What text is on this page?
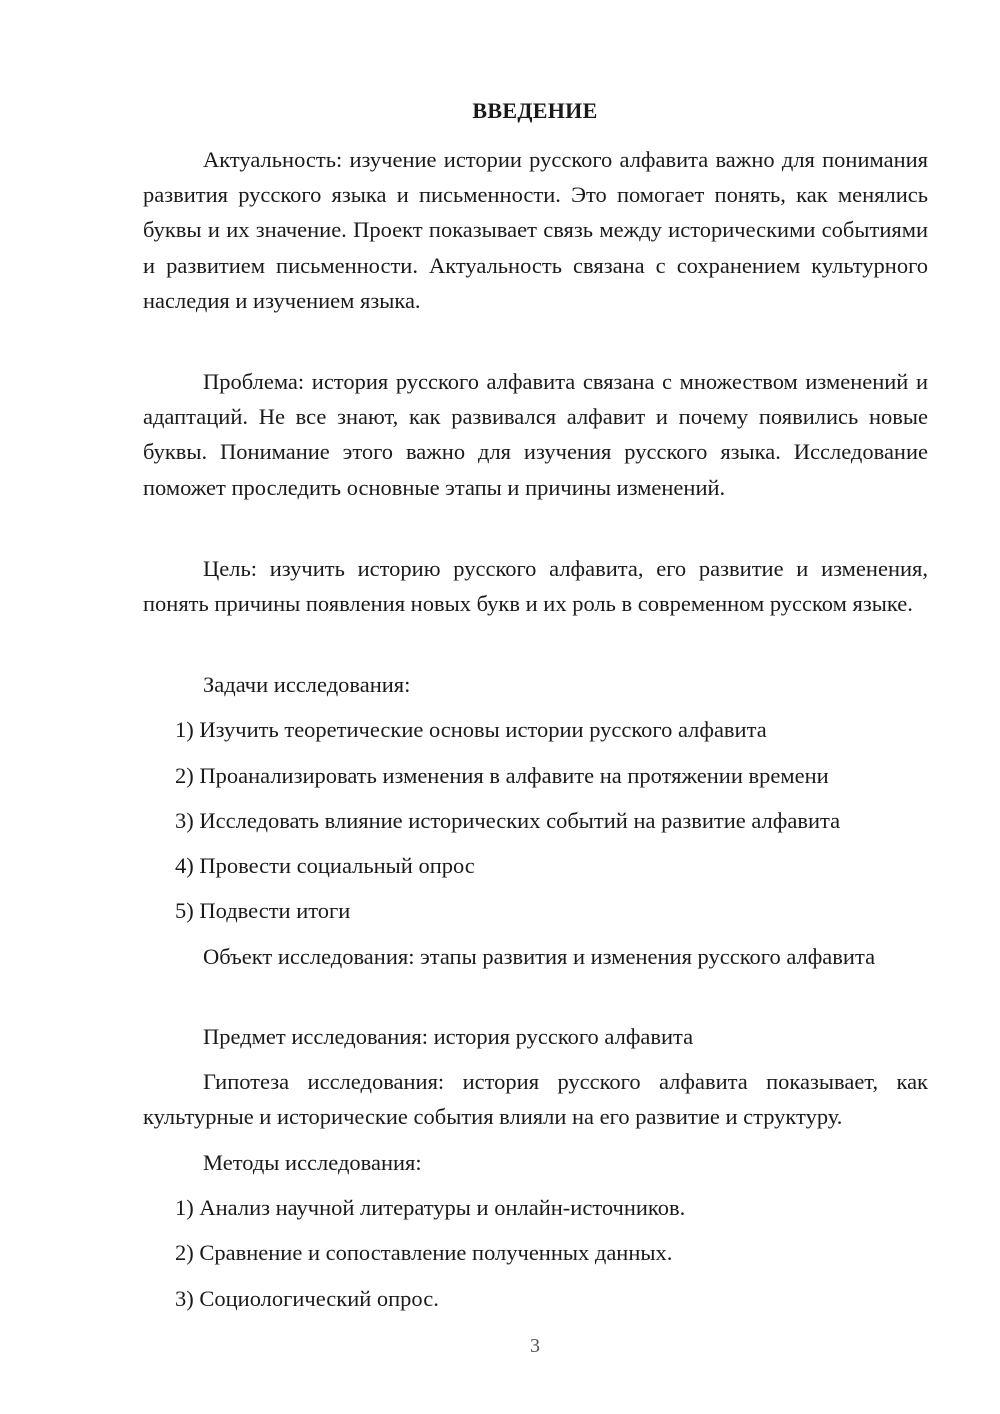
ВВЕДЕНИЕ

Актуальность: изучение истории русского алфавита важно для понимания развития русского языка и письменности. Это помогает понять, как менялись буквы и их значение. Проект показывает связь между историческими событиями и развитием письменности. Актуальность связана с сохранением культурного наследия и изучением языка.

Проблема: история русского алфавита связана с множеством изменений и адаптаций. Не все знают, как развивался алфавит и почему появились новые буквы. Понимание этого важно для изучения русского языка. Исследование поможет проследить основные этапы и причины изменений.

Цель: изучить историю русского алфавита, его развитие и изменения, понять причины появления новых букв и их роль в современном русском языке.

Задачи исследования:

1) Изучить теоретические основы истории русского алфавита

2) Проанализировать изменения в алфавите на протяжении времени

3) Исследовать влияние исторических событий на развитие алфавита

4) Провести социальный опрос

5) Подвести итоги

Объект исследования: этапы развития и изменения русского алфавита

Предмет исследования: история русского алфавита

Гипотеза исследования: история русского алфавита показывает, как культурные и исторические события влияли на его развитие и структуру.

Методы исследования:

1) Анализ научной литературы и онлайн-источников.

2) Сравнение и сопоставление полученных данных.

3) Социологический опрос.

3
